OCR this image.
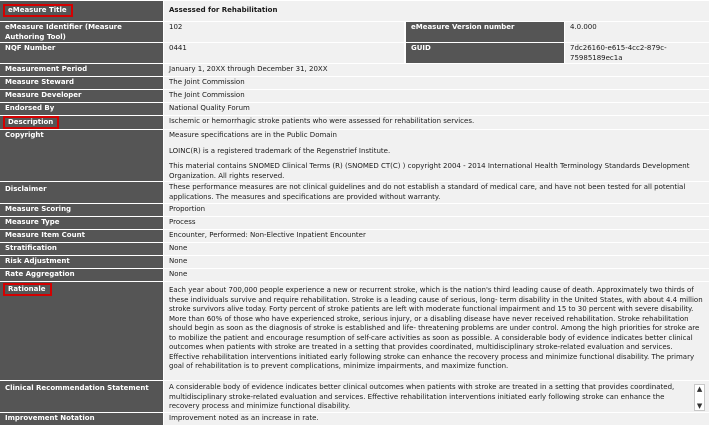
eMeasure Title	Assessed for Rehabilitation		
eMeasure Identifier (Measure Authoring Tool)	102	eMeasure Version number	4.0.000
NQF Number	0441	GUID	7dc26160-e615-4cc2-879c-75985189ec1a
Measurement Period	January 1, 20XX through December 31, 20XX		
Measure Steward	The Joint Commission		
Measure Developer	The Joint Commission		
Endorsed By	National Quality Forum		
Description	Ischemic or hemorrhagic stroke patients who were assessed for rehabilitation services.		
Copyright	Measure specifications are in the Public Domain
LOINC(R) is a registered trademark of the Regenstrief Institute.
This material contains SNOMED Clinical Terms (R) (SNOMED CT(C) ) copyright 2004 - 2014 International Health Terminology Standards Development Organization. All rights reserved.		

Disclaimer	These performance measures are not clinical guidelines and do not establish a standard of medical care, and have not been tested for all potential applications. The measures and specifications are provided without warranty.		
Measure Scoring	Proportion		
Measure Type	Process		
Measure Item Count	Encounter, Performed: Non-Elective Inpatient Encounter		
Stratification	None		
Risk Adjustment	None		
Rate Aggregation	None		
Rationale	Each year about 700,000 people experience a new or recurrent stroke, which is the nation's third leading cause of death. Approximately two thirds of these individuals survive and require rehabilitation. Stroke is a leading cause of serious, long- term disability in the United States, with about 4.4 million stroke survivors alive today. Forty percent of stroke patients are left with moderate functional impairment and 15 to 30 percent with severe disability. More than 60% of those who have experienced stroke, serious injury, or a disabling disease have never received rehabilitation. Stroke rehabilitation should begin as soon as the diagnosis of stroke is established and life- threatening problems are under control. Among the high priorities for stroke are to mobilize the patient and encourage resumption of self-care activities as soon as possible. A considerable body of evidence indicates better clinical outcomes when patients with stroke are treated in a setting that provides coordinated, multidisciplinary stroke-related evaluation and services. Effective rehabilitation interventions initiated early following stroke can enhance the recovery process and minimize functional disability. The primary goal of rehabilitation is to prevent complications, minimize impairments, and maximize function.		
Clinical Recommendation Statement	A considerable body of evidence indicates better clinical outcomes when patients with stroke are treated in a setting that provides coordinated, multidisciplinary stroke-related evaluation and services. Effective rehabilitation interventions initiated early following stroke can enhance the recovery process and minimize functional disability.
▲
▼		

Improvement Notation	Improvement noted as an increase in rate.		
